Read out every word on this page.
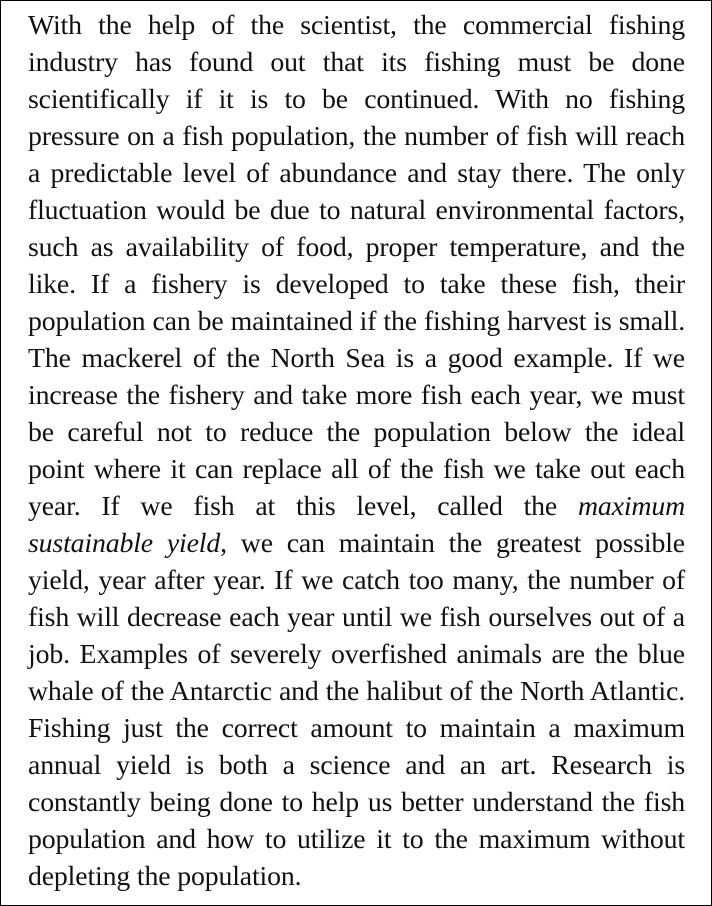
With the help of the scientist, the commercial fishing industry has found out that its fishing must be done scientifically if it is to be continued. With no fishing pressure on a fish population, the number of fish will reach a predictable level of abundance and stay there. The only fluctuation would be due to natural environmental factors, such as availability of food, proper temperature, and the like. If a fishery is developed to take these fish, their population can be maintained if the fishing harvest is small. The mackerel of the North Sea is a good example. If we increase the fishery and take more fish each year, we must be careful not to reduce the population below the ideal point where it can replace all of the fish we take out each year. If we fish at this level, called the maximum sustainable yield, we can maintain the greatest possible yield, year after year. If we catch too many, the number of fish will decrease each year until we fish ourselves out of a job. Examples of severely overfished animals are the blue whale of the Antarctic and the halibut of the North Atlantic. Fishing just the correct amount to maintain a maximum annual yield is both a science and an art. Research is constantly being done to help us better understand the fish population and how to utilize it to the maximum without depleting the population.
